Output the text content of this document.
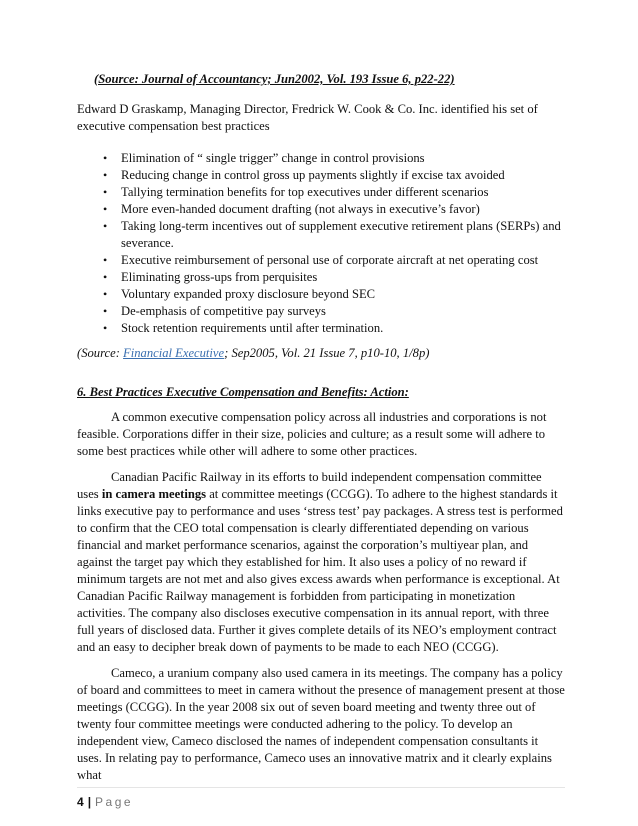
(Source: Journal of Accountancy; Jun2002, Vol. 193 Issue 6, p22-22)

Edward D Graskamp, Managing Director, Fredrick W. Cook & Co. Inc. identified his set of executive compensation best practices

• Elimination of “ single trigger” change in control provisions
• Reducing change in control gross up payments slightly if excise tax avoided
• Tallying termination benefits for top executives under different scenarios
• More even-handed document drafting (not always in executive’s favor)
• Taking long-term incentives out of supplement executive retirement plans (SERPs) and severance.
• Executive reimbursement of personal use of corporate aircraft at net operating cost
• Eliminating gross-ups from perquisites
• Voluntary expanded proxy disclosure beyond SEC
• De-emphasis of competitive pay surveys
• Stock retention requirements until after termination.

(Source: Financial Executive; Sep2005, Vol. 21 Issue 7, p10-10, 1/8p)

6. Best Practices Executive Compensation and Benefits: Action:

A common executive compensation policy across all industries and corporations is not feasible. Corporations differ in their size, policies and culture; as a result some will adhere to some best practices while other will adhere to some other practices.

Canadian Pacific Railway in its efforts to build independent compensation committee uses in camera meetings at committee meetings (CCGG). To adhere to the highest standards it links executive pay to performance and uses ‘stress test’ pay packages. A stress test is performed to confirm that the CEO total compensation is clearly differentiated depending on various financial and market performance scenarios, against the corporation’s multiyear plan, and against the target pay which they established for him. It also uses a policy of no reward if minimum targets are not met and also gives excess awards when performance is exceptional. At Canadian Pacific Railway management is forbidden from participating in monetization activities. The company also discloses executive compensation in its annual report, with three full years of disclosed data. Further it gives complete details of its NEO’s employment contract and an easy to decipher break down of payments to be made to each NEO (CCGG).

Cameco, a uranium company also used camera in its meetings. The company has a policy of board and committees to meet in camera without the presence of management present at those meetings (CCGG). In the year 2008 six out of seven board meeting and twenty three out of twenty four committee meetings were conducted adhering to the policy. To develop an independent view, Cameco disclosed the names of independent compensation consultants it uses. In relating pay to performance, Cameco uses an innovative matrix and it clearly explains what

4 | Page
